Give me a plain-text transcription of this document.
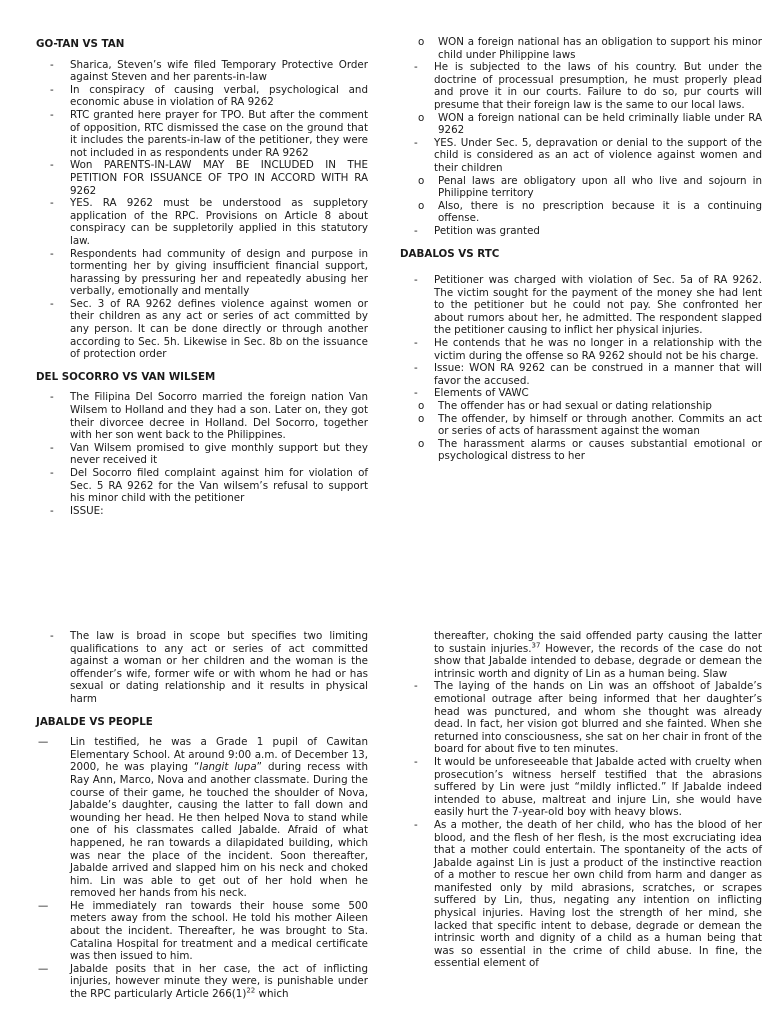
GO-TAN VS TAN
- Sharica, Steven’s wife filed Temporary Protective Order against Steven and her parents-in-law
- In conspiracy of causing verbal, psychological and economic abuse in violation of RA 9262
- RTC granted here prayer for TPO. But after the comment of opposition, RTC dismissed the case on the ground that it includes the parents-in-law of the petitioner, they were not included in as respondents under RA 9262
- Won PARENTS-IN-LAW MAY BE INCLUDED IN THE PETITION FOR ISSUANCE OF TPO IN ACCORD WITH RA 9262
- YES. RA 9262 must be understood as suppletory application of the RPC. Provisions on Article 8 about conspiracy can be suppletorily applied in this statutory law.
- Respondents had community of design and purpose in tormenting her by giving insufficient financial support, harassing by pressuring her and repeatedly abusing her verbally, emotionally and mentally
- Sec. 3 of RA 9262 defines violence against women or their children as any act or series of act committed by any person. It can be done directly or through another according to Sec. 5h. Likewise in Sec. 8b on the issuance of protection order
DEL SOCORRO VS VAN WILSEM
- The Filipina Del Socorro married the foreign nation Van Wilsem to Holland and they had a son. Later on, they got their divorcee decree in Holland. Del Socorro, together with her son went back to the Philippines.
- Van Wilsem promised to give monthly support but they never received it
- Del Socorro filed complaint against him for violation of Sec. 5 RA 9262 for the Van wilsem’s refusal to support his minor child with the petitioner
- ISSUE:
o WON a foreign national has an obligation to support his minor child under Philippine laws
- He is subjected to the laws of his country. But under the doctrine of processual presumption, he must properly plead and prove it in our courts. Failure to do so, pur courts will presume that their foreign law is the same to our local laws.
o WON a foreign national can be held criminally liable under RA 9262
- YES. Under Sec. 5, depravation or denial to the support of the child is considered as an act of violence against women and their children
o Penal laws are obligatory upon all who live and sojourn in Philippine territory
o Also, there is no prescription because it is a continuing offense.
- Petition was granted
DABALOS VS RTC
- Petitioner was charged with violation of Sec. 5a of RA 9262. The victim sought for the payment of the money she had lent to the petitioner but he could not pay. She confronted her about rumors about her, he admitted. The respondent slapped the petitioner causing to inflict her physical injuries.
- He contends that he was no longer in a relationship with the victim during the offense so RA 9262 should not be his charge.
- Issue: WON RA 9262 can be construed in a manner that will favor the accused.
- Elements of VAWC
o The offender has or had sexual or dating relationship
o The offender, by himself or through another. Commits an act or series of acts of harassment against the woman
o The harassment alarms or causes substantial emotional or psychological distress to her
- The law is broad in scope but specifies two limiting qualifications to any act or series of act committed against a woman or her children and the woman is the offender’s wife, former wife or with whom he had or has sexual or dating relationship and it results in physical harm
JABALDE VS PEOPLE
— Lin testified, he was a Grade 1 pupil of Cawitan Elementary School. At around 9:00 a.m. of December 13, 2000, he was playing “langit lupa” during recess with Ray Ann, Marco, Nova and another classmate. During the course of their game, he touched the shoulder of Nova, Jabalde’s daughter, causing the latter to fall down and wounding her head. He then helped Nova to stand while one of his classmates called Jabalde. Afraid of what happened, he ran towards a dilapidated building, which was near the place of the incident. Soon thereafter, Jabalde arrived and slapped him on his neck and choked him. Lin was able to get out of her hold when he removed her hands from his neck.
— He immediately ran towards their house some 500 meters away from the school. He told his mother Aileen about the incident. Thereafter, he was brought to Sta. Catalina Hospital for treatment and a medical certificate was then issued to him.
— Jabalde posits that in her case, the act of inflicting injuries, however minute they were, is punishable under the RPC particularly Article $266(1)^{22}$ which
thereafter, choking the said offended party causing the latter to sustain injuries.$^{37}$ However, the records of the case do not show that Jabalde intended to debase, degrade or demean the intrinsic worth and dignity of Lin as a human being. Slaw
- The laying of the hands on Lin was an offshoot of Jabalde’s emotional outrage after being informed that her daughter’s head was punctured, and whom she thought was already dead. In fact, her vision got blurred and she fainted. When she returned into consciousness, she sat on her chair in front of the board for about five to ten minutes.
- It would be unforeseeable that Jabalde acted with cruelty when prosecution’s witness herself testified that the abrasions suffered by Lin were just “mildly inflicted.” If Jabalde indeed intended to abuse, maltreat and injure Lin, she would have easily hurt the 7-year-old boy with heavy blows.
- As a mother, the death of her child, who has the blood of her blood, and the flesh of her flesh, is the most excruciating idea that a mother could entertain. The spontaneity of the acts of Jabalde against Lin is just a product of the instinctive reaction of a mother to rescue her own child from harm and danger as manifested only by mild abrasions, scratches, or scrapes suffered by Lin, thus, negating any intention on inflicting physical injuries. Having lost the strength of her mind, she lacked that specific intent to debase, degrade or demean the intrinsic worth and dignity of a child as a human being that was so essential in the crime of child abuse. In fine, the essential element of
